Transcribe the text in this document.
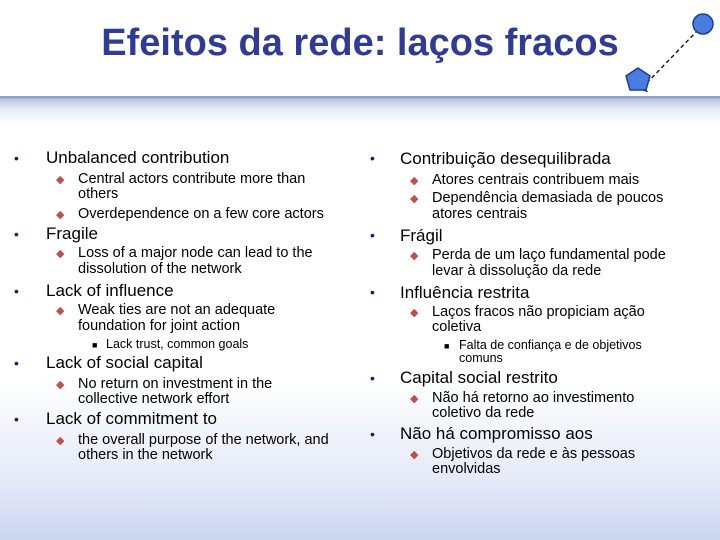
Efeitos da rede: laços fracos
• Unbalanced contribution
◆ Central actors contribute more than
others
◆ Overdependence on a few core actors
• Fragile
◆ Loss of a major node can lead to the
dissolution of the network
• Lack of influence
◆ Weak ties are not an adequate
foundation for joint action
■ Lack trust, common goals
• Lack of social capital
◆ No return on investment in the
collective network effort
• Lack of commitment to
◆ the overall purpose of the network, and
others in the network
• Contribuição desequilibrada
◆ Atores centrais contribuem mais
◆ Dependência demasiada de poucos
atores centrais
• Frágil
◆ Perda de um laço fundamental pode
levar à dissolução da rede
• Influência restrita
◆ Laços fracos não propiciam ação
coletiva
■ Falta de confiança e de objetivos
comuns
• Capital social restrito
◆ Não há retorno ao investimento
coletivo da rede
• Não há compromisso aos
◆ Objetivos da rede e às pessoas
envolvidas
